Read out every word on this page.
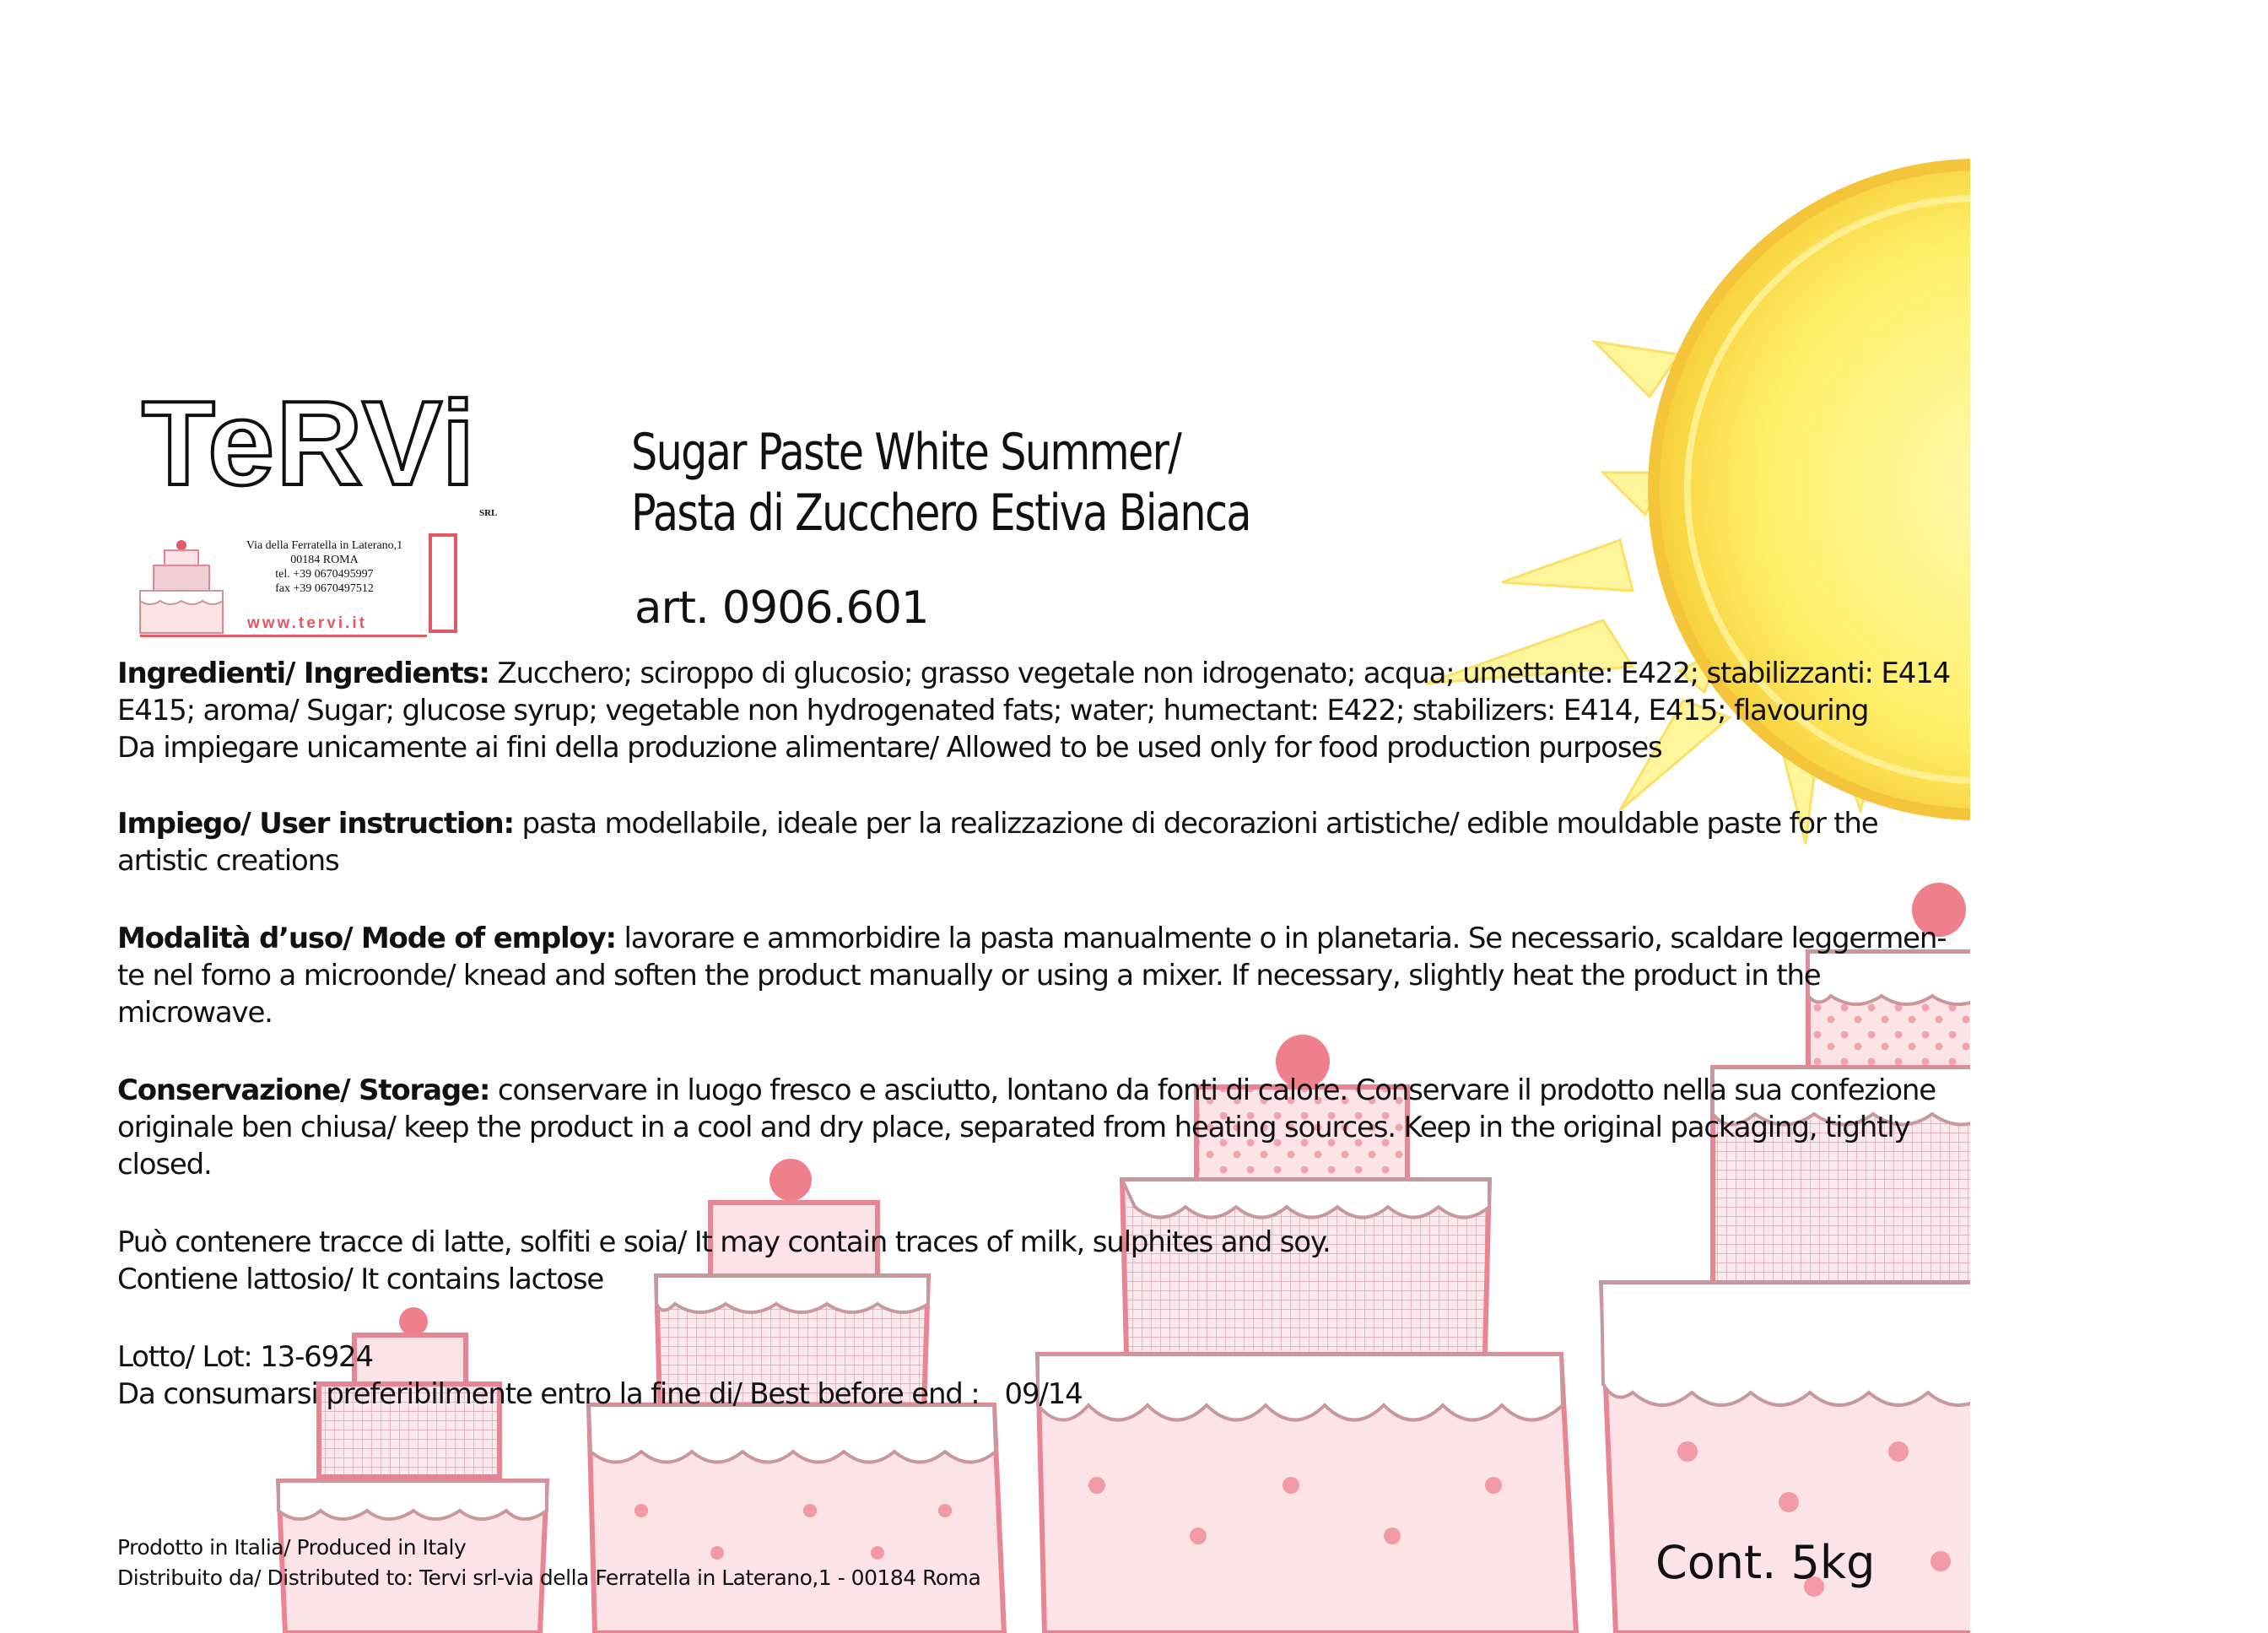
TeRVi
SRL
Via della Ferratella in Laterano,1
00184 ROMA
tel. +39 0670495997
fax +39 0670497512
www.tervi.it
Sugar Paste White Summer/
Pasta di Zucchero Estiva Bianca
art. 0906.601
Ingredienti/ Ingredients: Zucchero; sciroppo di glucosio; grasso vegetale non idrogenato; acqua; umettante: E422; stabilizzanti: E414
E415; aroma/ Sugar; glucose syrup; vegetable non hydrogenated fats; water; humectant: E422; stabilizers: E414, E415; flavouring
Da impiegare unicamente ai fini della produzione alimentare/ Allowed to be used only for food production purposes
Impiego/ User instruction: pasta modellabile, ideale per la realizzazione di decorazioni artistiche/ edible mouldable paste for the
artistic creations
Modalità d’uso/ Mode of employ: lavorare e ammorbidire la pasta manualmente o in planetaria. Se necessario, scaldare leggermen-
te nel forno a microonde/ knead and soften the product manually or using a mixer. If necessary, slightly heat the product in the
microwave.
Conservazione/ Storage: conservare in luogo fresco e asciutto, lontano da fonti di calore. Conservare il prodotto nella sua confezione
originale ben chiusa/ keep the product in a cool and dry place, separated from heating sources. Keep in the original packaging, tightly
closed.
Può contenere tracce di latte, solfiti e soia/ It may contain traces of milk, sulphites and soy.
Contiene lattosio/ It contains lactose
Lotto/ Lot: 13-6924
Da consumarsi preferibilmente entro la fine di/ Best before end : 09/14
Prodotto in Italia/ Produced in Italy
Distribuito da/ Distributed to: Tervi srl-via della Ferratella in Laterano,1 - 00184 Roma	Cont. 5kg
